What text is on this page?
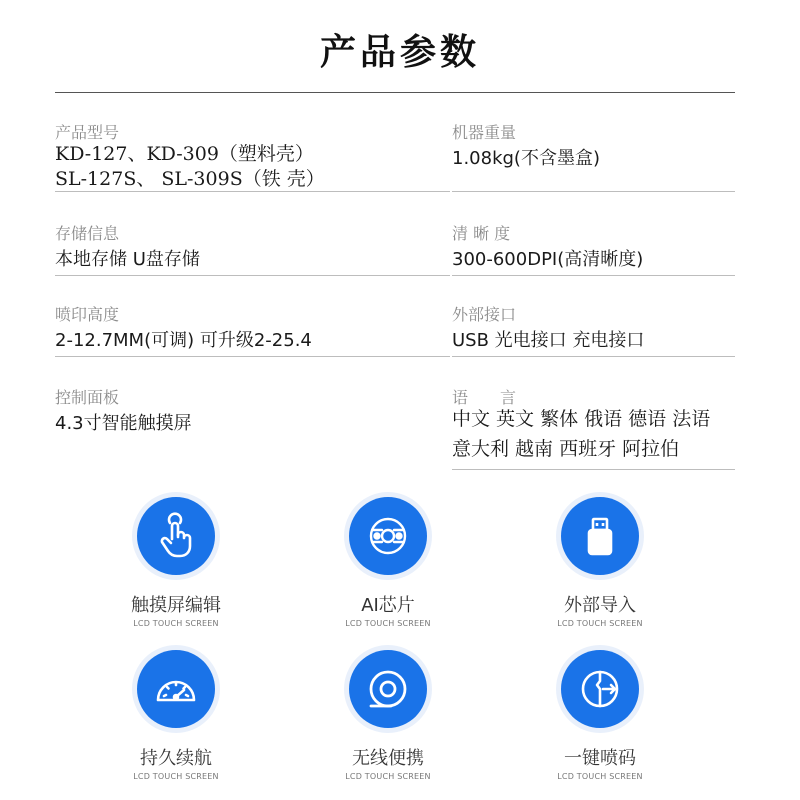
产品参数
产品型号
KD-127、KD-309（塑料壳）
SL-127S、 SL-309S（铁 壳）
机器重量
1.08kg(不含墨盒)
存储信息
本地存储 U盘存储
清 晰 度
300-600DPI(高清晰度)
喷印高度
2-12.7MM(可调) 可升级2-25.4
外部接口
USB 光电接口 充电接口
控制面板
4.3寸智能触摸屏
语　　言
中文 英文 繁体 俄语 德语 法语
意大利 越南 西班牙 阿拉伯
触摸屏编辑
LCD TOUCH SCREEN
AI芯片
LCD TOUCH SCREEN
外部导入
LCD TOUCH SCREEN
持久续航
LCD TOUCH SCREEN
无线便携
LCD TOUCH SCREEN
一键喷码
LCD TOUCH SCREEN
